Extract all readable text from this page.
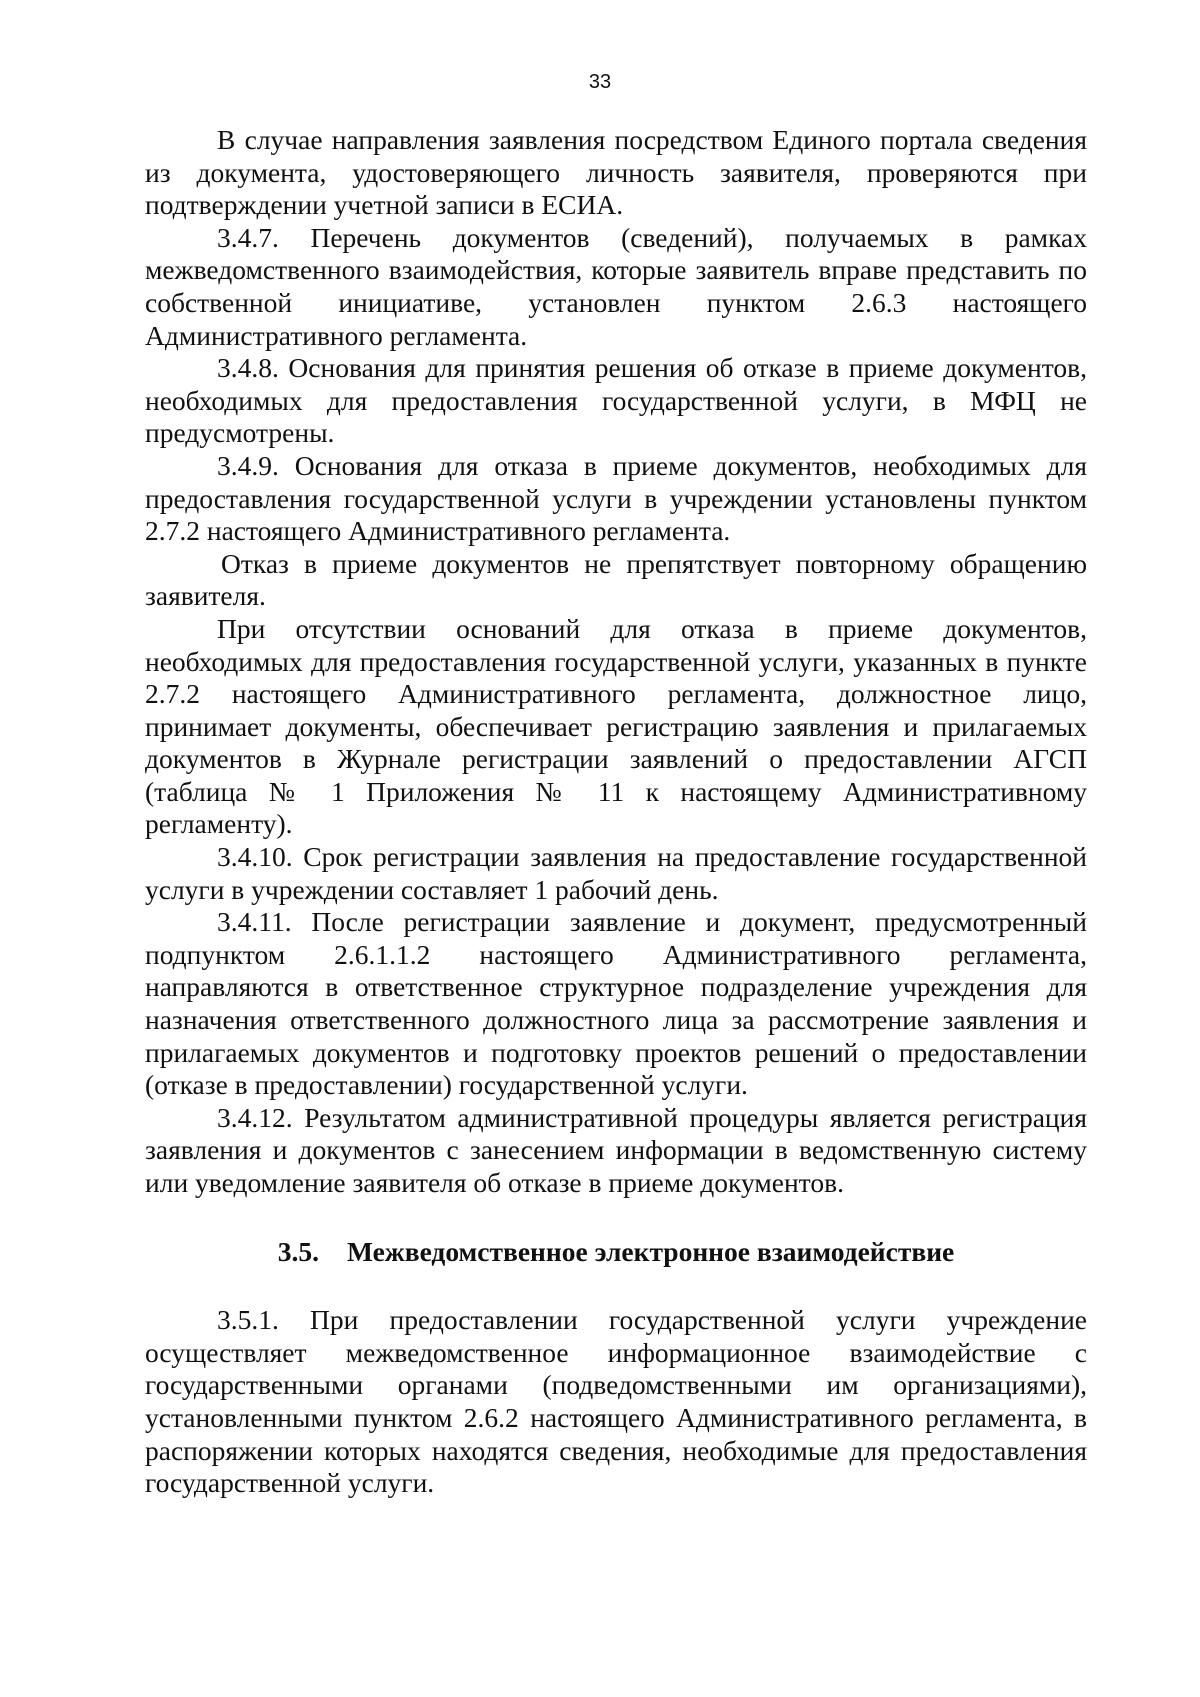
33

В случае направления заявления посредством Единого портала сведения из документа, удостоверяющего личность заявителя, проверяются при подтверждении учетной записи в ЕСИА.

3.4.7. Перечень документов (сведений), получаемых в рамках межведомственного взаимодействия, которые заявитель вправе представить по собственной инициативе, установлен пунктом 2.6.3 настоящего Административного регламента.

3.4.8. Основания для принятия решения об отказе в приеме документов, необходимых для предоставления государственной услуги, в МФЦ не предусмотрены.

3.4.9. Основания для отказа в приеме документов, необходимых для предоставления государственной услуги в учреждении установлены пунктом 2.7.2 настоящего Административного регламента.

Отказ в приеме документов не препятствует повторному обращению заявителя.

При отсутствии оснований для отказа в приеме документов, необходимых для предоставления государственной услуги, указанных в пункте 2.7.2 настоящего Административного регламента, должностное лицо, принимает документы, обеспечивает регистрацию заявления и прилагаемых документов в Журнале регистрации заявлений о предоставлении АГСП (таблица № 1 Приложения № 11 к настоящему Административному регламенту).

3.4.10. Срок регистрации заявления на предоставление государственной услуги в учреждении составляет 1 рабочий день.

3.4.11. После регистрации заявление и документ, предусмотренный подпунктом 2.6.1.1.2 настоящего Административного регламента, направляются в ответственное структурное подразделение учреждения для назначения ответственного должностного лица за рассмотрение заявления и прилагаемых документов и подготовку проектов решений о предоставлении (отказе в предоставлении) государственной услуги.

3.4.12. Результатом административной процедуры является регистрация заявления и документов с занесением информации в ведомственную систему или уведомление заявителя об отказе в приеме документов.

3.5. Межведомственное электронное взаимодействие

3.5.1. При предоставлении государственной услуги учреждение осуществляет межведомственное информационное взаимодействие с государственными органами (подведомственными им организациями), установленными пунктом 2.6.2 настоящего Административного регламента, в распоряжении которых находятся сведения, необходимые для предоставления государственной услуги.
